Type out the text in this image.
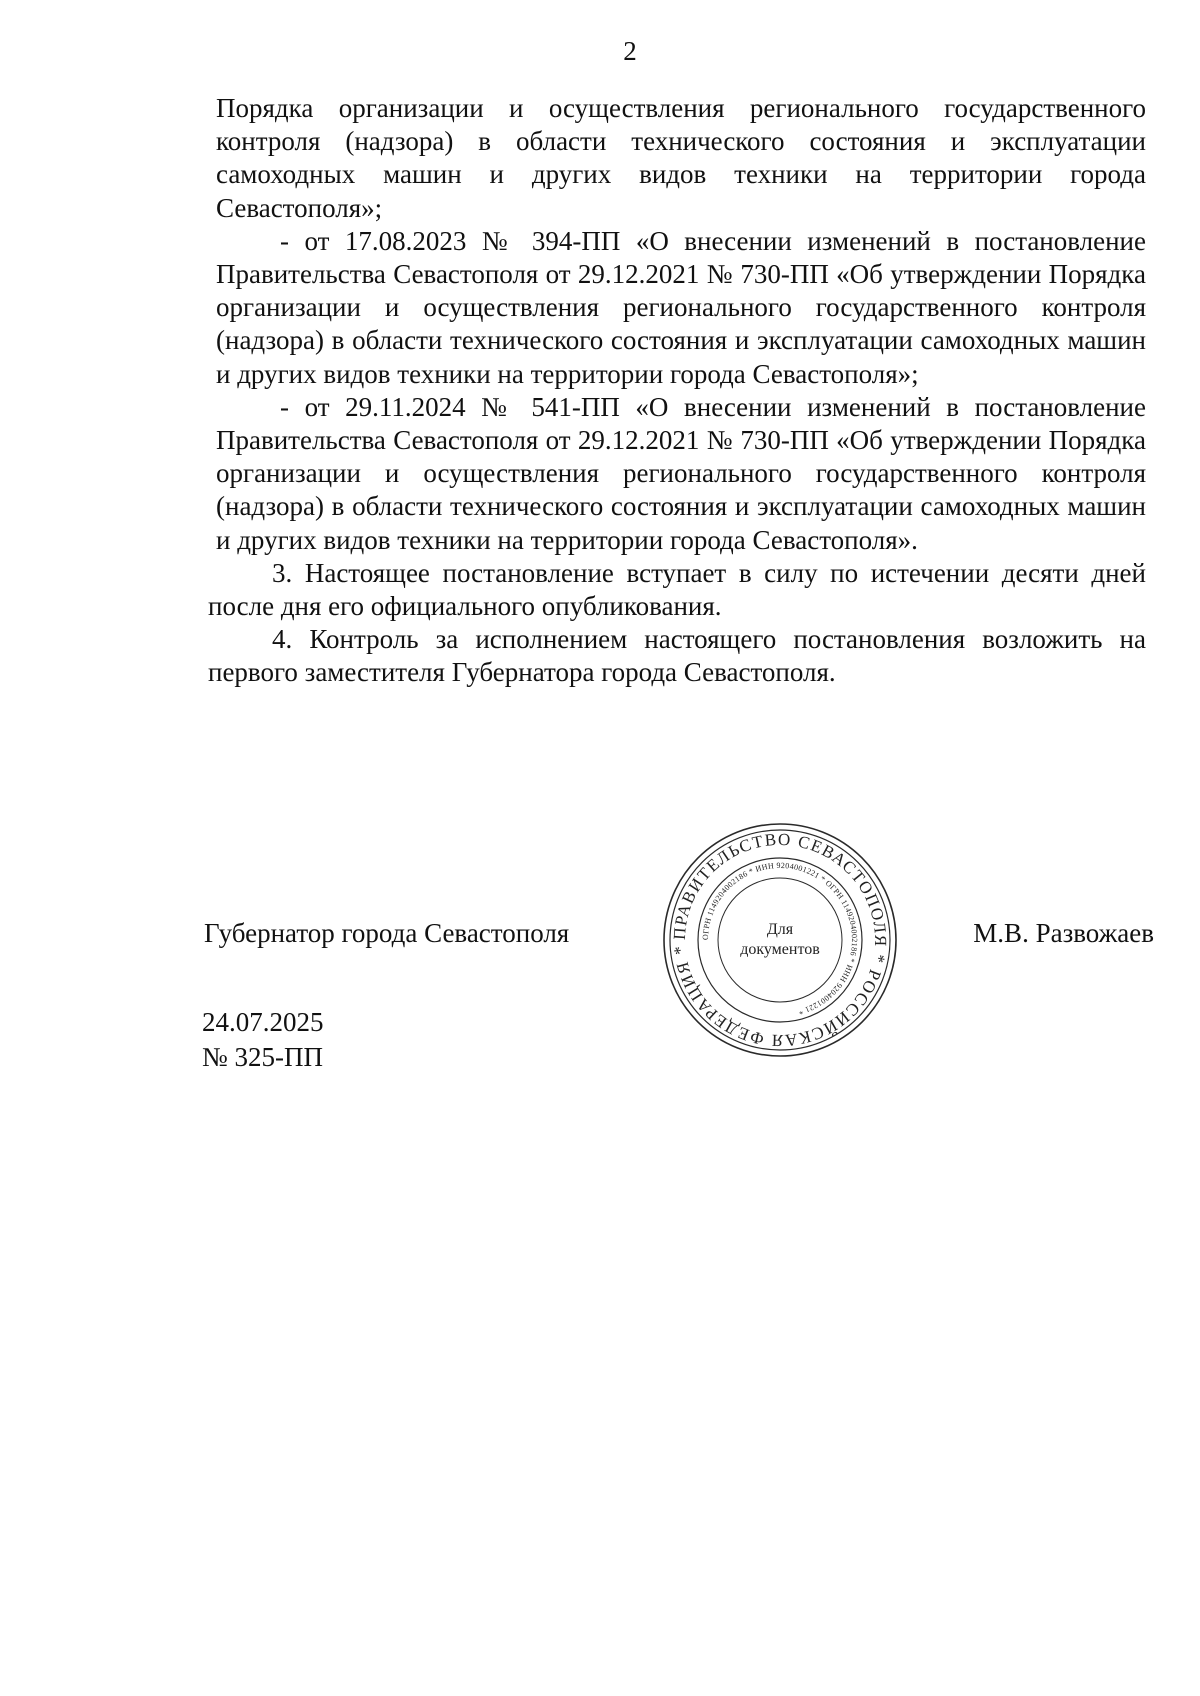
2

Порядка организации и осуществления регионального государственного контроля (надзора) в области технического состояния и эксплуатации самоходных машин и других видов техники на территории города Севастополя»;

- от 17.08.2023 № 394-ПП «О внесении изменений в постановление Правительства Севастополя от 29.12.2021 № 730-ПП «Об утверждении Порядка организации и осуществления регионального государственного контроля (надзора) в области технического состояния и эксплуатации самоходных машин и других видов техники на территории города Севастополя»;

- от 29.11.2024 № 541-ПП «О внесении изменений в постановление Правительства Севастополя от 29.12.2021 № 730-ПП «Об утверждении Порядка организации и осуществления регионального государственного контроля (надзора) в области технического состояния и эксплуатации самоходных машин и других видов техники на территории города Севастополя».

3. Настоящее постановление вступает в силу по истечении десяти дней после дня его официального опубликования.

4. Контроль за исполнением настоящего постановления возложить на первого заместителя Губернатора города Севастополя.

Губернатор города Севастополя	М.В. Развожаев
ПРАВИТЕЛЬСТВО СЕВАСТОПОЛЯ * РОССИЙСКАЯ ФЕДЕРАЦИЯ *
ОГРН 1149204002186 * ИНН 9204001221 * ОГРН 1149204002186 * ИНН 9204001221 *
Для
документов
24.07.2025
№ 325-ПП
